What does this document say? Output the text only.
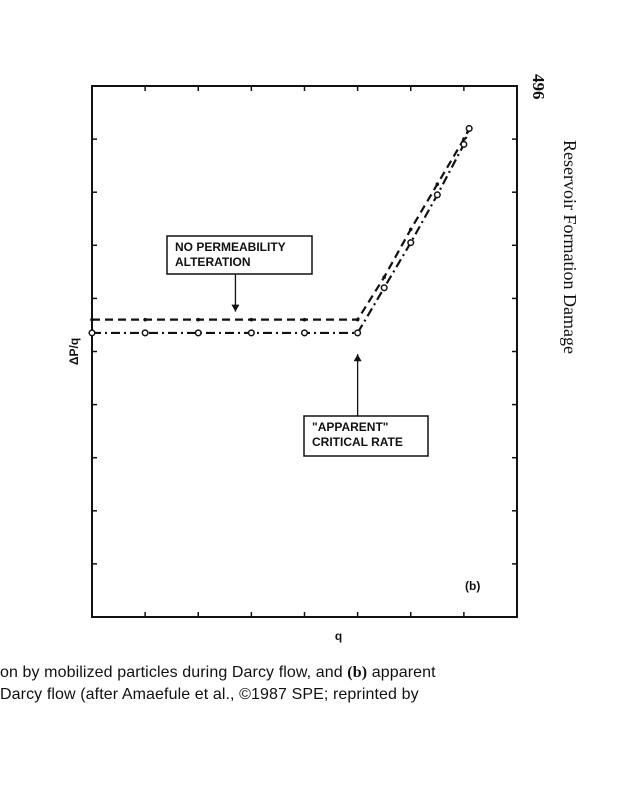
496
Reservoir Formation Damage
NO PERMEABILITY
ALTERATION
"APPARENT"
CRITICAL RATE
ΔP/q
q
(b)
on by mobilized particles during Darcy flow, and (b) apparent
Darcy flow (after Amaefule et al., ©1987 SPE; reprinted by
